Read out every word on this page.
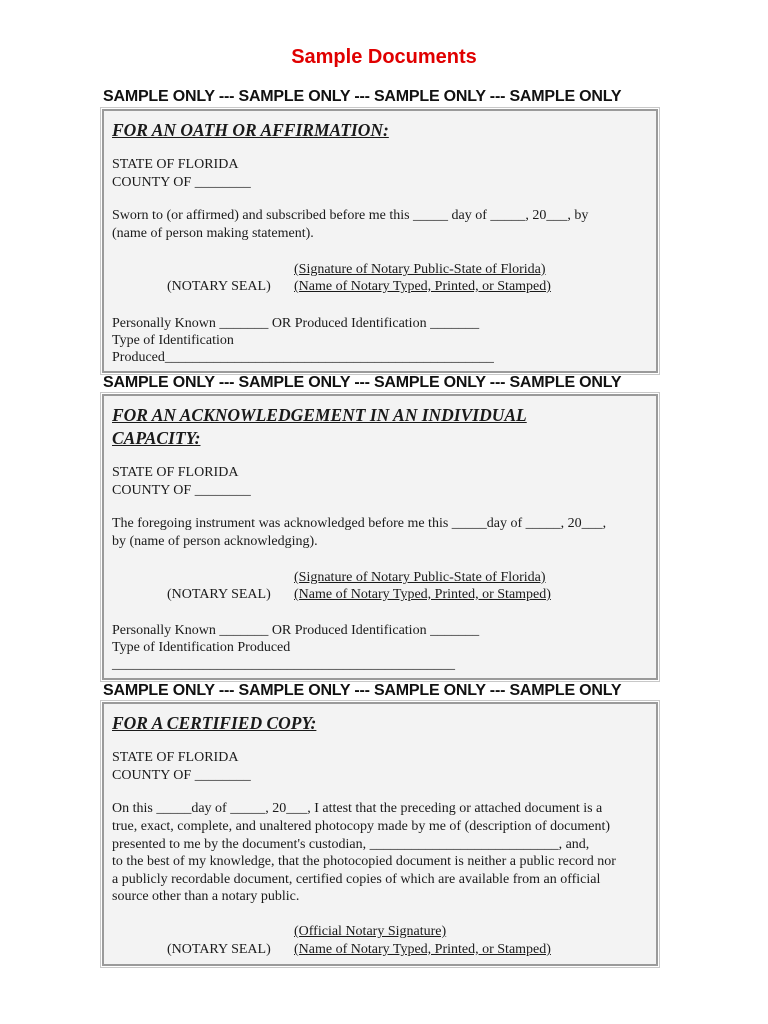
Sample Documents
SAMPLE ONLY --- SAMPLE ONLY --- SAMPLE ONLY --- SAMPLE ONLY
FOR AN OATH OR AFFIRMATION:
STATE OF FLORIDA
COUNTY OF ________
Sworn to (or affirmed) and subscribed before me this _____ day of _____, 20___, by
(name of person making statement).
(Signature of Notary Public-State of Florida)
(NOTARY SEAL) (Name of Notary Typed, Printed, or Stamped)
Personally Known _______ OR Produced Identification _______
Type of Identification
Produced_______________________________________________
SAMPLE ONLY --- SAMPLE ONLY --- SAMPLE ONLY --- SAMPLE ONLY
FOR AN ACKNOWLEDGEMENT IN AN INDIVIDUAL
CAPACITY:
STATE OF FLORIDA
COUNTY OF ________
The foregoing instrument was acknowledged before me this _____day of _____, 20___,
by (name of person acknowledging).
(Signature of Notary Public-State of Florida)
(NOTARY SEAL) (Name of Notary Typed, Printed, or Stamped)
Personally Known _______ OR Produced Identification _______
Type of Identification Produced
_________________________________________________
SAMPLE ONLY --- SAMPLE ONLY --- SAMPLE ONLY --- SAMPLE ONLY
FOR A CERTIFIED COPY:
STATE OF FLORIDA
COUNTY OF ________
On this _____day of _____, 20___, I attest that the preceding or attached document is a
true, exact, complete, and unaltered photocopy made by me of (description of document)
presented to me by the document's custodian, ___________________________, and,
to the best of my knowledge, that the photocopied document is neither a public record nor
a publicly recordable document, certified copies of which are available from an official
source other than a notary public.
(Official Notary Signature)
(NOTARY SEAL) (Name of Notary Typed, Printed, or Stamped)
